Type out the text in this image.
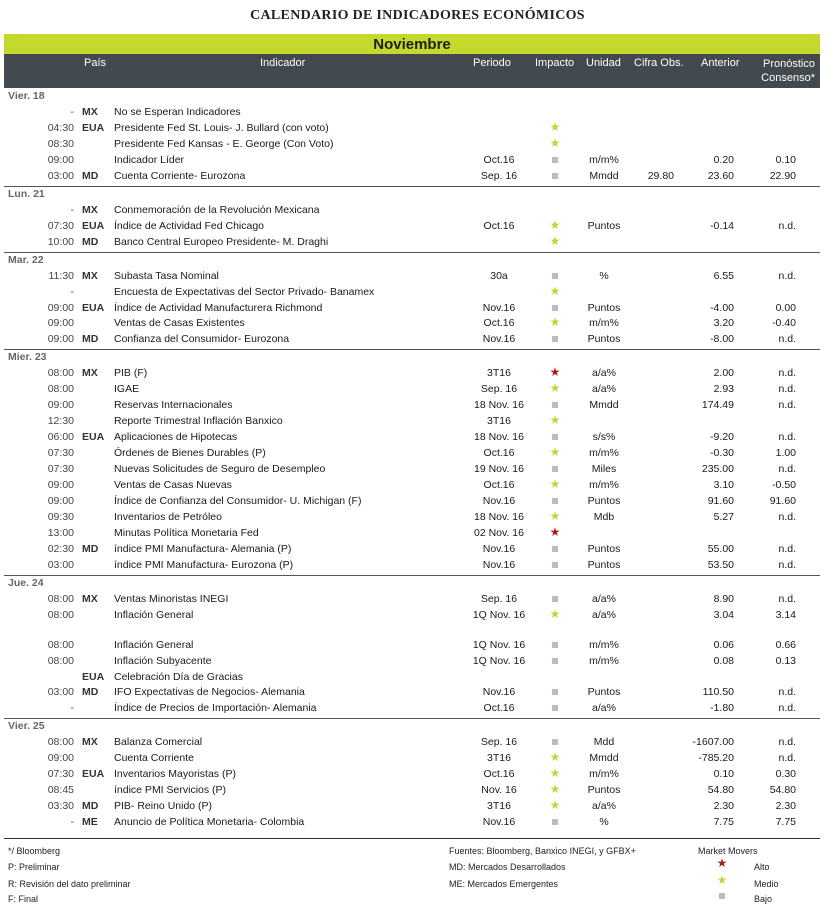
CALENDARIO DE INDICADORES ECONÓMICOS
Noviembre
País	Indicador	Periodo Impacto Unidad Cifra Obs. Anterior	Pronóstico
Consenso*
Vier. 18
- MX No se Esperan Indicadores
04:30 EUA Presidente Fed St. Louis- J. Bullard (con voto)	★
08:30	Presidente Fed Kansas - E. George (Con Voto)	★
09:00	Indicador Líder	Oct.16	m/m%	0.20	0.10
03:00 MD Cuenta Corriente- Eurozona	Sep. 16	Mmdd	29.80	23.60	22.90
Lun. 21
- MX Conmemoración de la Revolución Mexicana
07:30 EUA Índice de Actividad Fed Chicago	Oct.16	★	Puntos	-0.14	n.d.
10:00 MD Banco Central Europeo Presidente- M. Draghi	★
Mar. 22
11:30 MX Subasta Tasa Nominal	30a	%	6.55	n.d.
-	Encuesta de Expectativas del Sector Privado- Banamex	★
09:00 EUA Índice de Actividad Manufacturera Richmond	Nov.16	Puntos	-4.00	0.00
09:00	Ventas de Casas Existentes	Oct.16	★	m/m%	3.20	-0.40
09:00 MD Confianza del Consumidor- Eurozona	Nov.16	Puntos	-8.00	n.d.
Mier. 23
08:00 MX PIB (F)	3T16	★	a/a%	2.00	n.d.
08:00	IGAE	Sep. 16	★	a/a%	2.93	n.d.
09:00	Reservas Internacionales	18 Nov. 16	Mmdd	174.49	n.d.
12:30	Reporte Trimestral Inflación Banxico	3T16	★
06:00 EUA Aplicaciones de Hipotecas	18 Nov. 16	s/s%	-9.20	n.d.
07:30	Órdenes de Bienes Durables (P)	Oct.16	★	m/m%	-0.30	1.00
07:30	Nuevas Solicitudes de Seguro de Desempleo	19 Nov. 16	Miles	235.00	n.d.
09:00	Ventas de Casas Nuevas	Oct.16	★	m/m%	3.10	-0.50
09:00	Índice de Confianza del Consumidor- U. Michigan (F)	Nov.16	Puntos	91.60	91.60
09:30	Inventarios de Petróleo	18 Nov. 16	★	Mdb	5.27	n.d.
13:00	Minutas Política Monetaria Fed	02 Nov. 16	★
02:30 MD índice PMI Manufactura- Alemania (P)	Nov.16	Puntos	55.00	n.d.
03:00	índice PMI Manufactura- Eurozona (P)	Nov.16	Puntos	53.50	n.d.
Jue. 24
08:00 MX Ventas Minoristas INEGI	Sep. 16	a/a%	8.90	n.d.
08:00	Inflación General	1Q Nov. 16	★	a/a%	3.04	3.14
08:00	Inflación General	1Q Nov. 16	m/m%	0.06	0.66
08:00	Inflación Subyacente	1Q Nov. 16	m/m%	0.08	0.13
EUA Celebración Día de Gracias
03:00 MD IFO Expectativas de Negocios- Alemania	Nov.16	Puntos	110.50	n.d.
-	Índice de Precios de Importación- Alemania	Oct.16	a/a%	-1.80	n.d.
Vier. 25
08:00 MX Balanza Comercial	Sep. 16	Mdd	-1607.00	n.d.
09:00	Cuenta Corriente	3T16	★	Mmdd	-785.20	n.d.
07:30 EUA Inventarios Mayoristas (P)	Oct.16	★	m/m%	0.10	0.30
08:45	índice PMI Servicios (P)	Nov. 16	★	Puntos	54.80	54.80
03:30 MD PIB- Reino Unido (P)	3T16	★	a/a%	2.30	2.30
- ME Anuncio de Política Monetaria- Colombia	Nov.16	%	7.75	7.75
*/ Bloomberg
P: Preliminar
R: Revisión del dato preliminar
F: Final
Fuentes: Bloomberg, Banxico INEGI, y GFBX+
MD: Mercados Desarrollados
ME: Mercados Emergentes
Market Movers
★	Alto
★	Medio
Bajo
